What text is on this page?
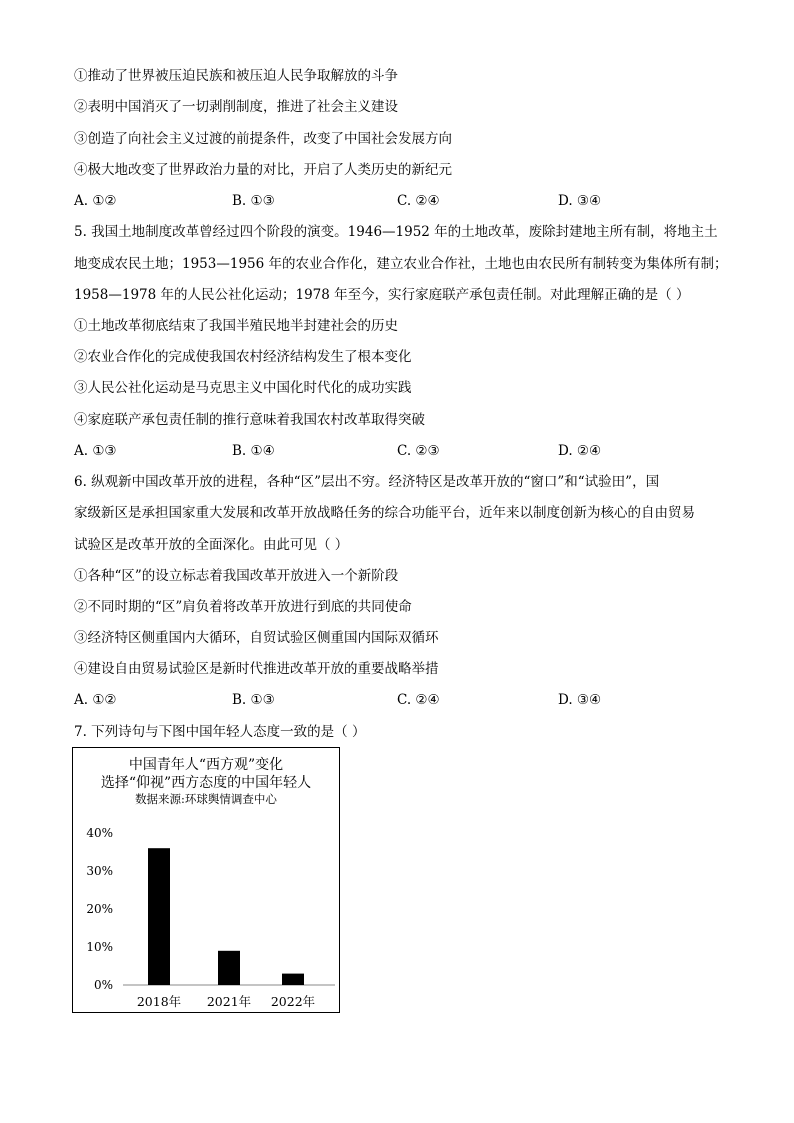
①推动了世界被压迫民族和被压迫人民争取解放的斗争
②表明中国消灭了一切剥削制度，推进了社会主义建设
③创造了向社会主义过渡的前提条件，改变了中国社会发展方向
④极大地改变了世界政治力量的对比，开启了人类历史的新纪元
A. ①②	B. ①③	C. ②④	D. ③④
5. 我国土地制度改革曾经过四个阶段的演变。1946—1952 年的土地改革，废除封建地主所有制，将地主土
地变成农民土地；1953—1956 年的农业合作化，建立农业合作社，土地也由农民所有制转变为集体所有制；
1958—1978 年的人民公社化运动；1978 年至今，实行家庭联产承包责任制。对此理解正确的是（ ）
①土地改革彻底结束了我国半殖民地半封建社会的历史
②农业合作化的完成使我国农村经济结构发生了根本变化
③人民公社化运动是马克思主义中国化时代化的成功实践
④家庭联产承包责任制的推行意味着我国农村改革取得突破
A. ①③	B. ①④	C. ②③	D. ②④
6. 纵观新中国改革开放的进程，各种“区”层出不穷。经济特区是改革开放的“窗口”和“试验田”，国
家级新区是承担国家重大发展和改革开放战略任务的综合功能平台，近年来以制度创新为核心的自由贸易
试验区是改革开放的全面深化。由此可见（ ）
①各种“区”的设立标志着我国改革开放进入一个新阶段
②不同时期的“区”肩负着将改革开放进行到底的共同使命
③经济特区侧重国内大循环，自贸试验区侧重国内国际双循环
④建设自由贸易试验区是新时代推进改革开放的重要战略举措
A. ①②	B. ①③	C. ②④	D. ③④
7. 下列诗句与下图中国年轻人态度一致的是（ ）
中国青年人“西方观”变化
选择“仰视”西方态度的中国年轻人
数据来源:环球舆情调查中心
0%
10%
20%
30%
40%
2018年 2021年 2022年
